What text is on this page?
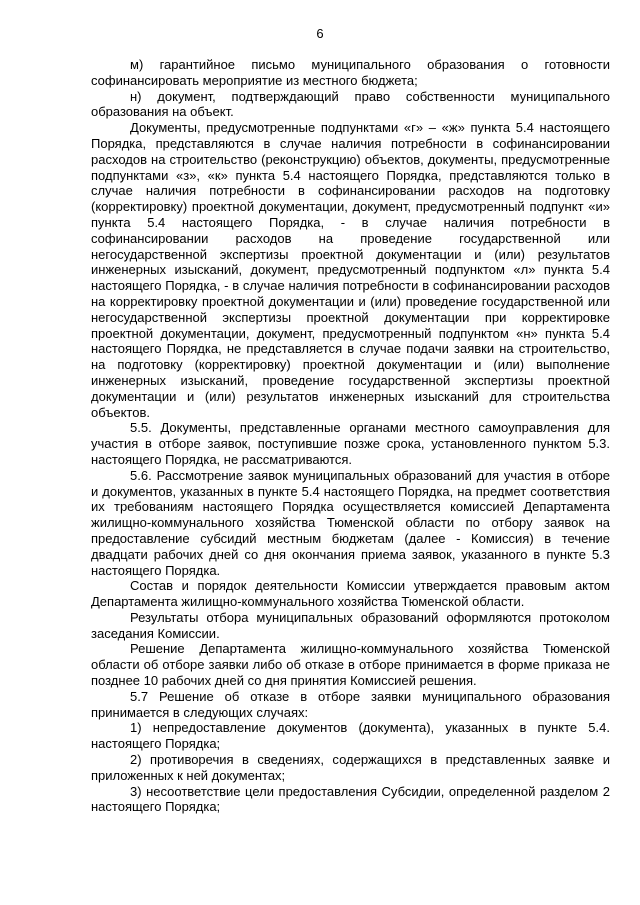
6

м) гарантийное письмо муниципального образования о готовности софинансировать мероприятие из местного бюджета;

н) документ, подтверждающий право собственности муниципального образования на объект.

Документы, предусмотренные подпунктами «г» – «ж» пункта 5.4 настоящего Порядка, представляются в случае наличия потребности в софинансировании расходов на строительство (реконструкцию) объектов, документы, предусмотренные подпунктами «з», «к» пункта 5.4 настоящего Порядка, представляются только в случае наличия потребности в софинансировании расходов на подготовку (корректировку) проектной документации, документ, предусмотренный подпункт «и» пункта 5.4 настоящего Порядка, - в случае наличия потребности в софинансировании расходов на проведение государственной или негосударственной экспертизы проектной документации и (или) результатов инженерных изысканий, документ, предусмотренный подпунктом «л» пункта 5.4 настоящего Порядка, - в случае наличия потребности в софинансировании расходов на корректировку проектной документации и (или) проведение государственной или негосударственной экспертизы проектной документации при корректировке проектной документации, документ, предусмотренный подпунктом «н» пункта 5.4 настоящего Порядка, не представляется в случае подачи заявки на строительство, на подготовку (корректировку) проектной документации и (или) выполнение инженерных изысканий, проведение государственной экспертизы проектной документации и (или) результатов инженерных изысканий для строительства объектов.

5.5. Документы, представленные органами местного самоуправления для участия в отборе заявок, поступившие позже срока, установленного пунктом 5.3. настоящего Порядка, не рассматриваются.

5.6. Рассмотрение заявок муниципальных образований для участия в отборе и документов, указанных в пункте 5.4 настоящего Порядка, на предмет соответствия их требованиям настоящего Порядка осуществляется комиссией Департамента жилищно-коммунального хозяйства Тюменской области по отбору заявок на предоставление субсидий местным бюджетам (далее - Комиссия) в течение двадцати рабочих дней со дня окончания приема заявок, указанного в пункте 5.3 настоящего Порядка.

Состав и порядок деятельности Комиссии утверждается правовым актом Департамента жилищно-коммунального хозяйства Тюменской области.

Результаты отбора муниципальных образований оформляются протоколом заседания Комиссии.

Решение Департамента жилищно-коммунального хозяйства Тюменской области об отборе заявки либо об отказе в отборе принимается в форме приказа не позднее 10 рабочих дней со дня принятия Комиссией решения.

5.7 Решение об отказе в отборе заявки муниципального образования принимается в следующих случаях:

1) непредоставление документов (документа), указанных в пункте 5.4. настоящего Порядка;

2) противоречия в сведениях, содержащихся в представленных заявке и приложенных к ней документах;

3) несоответствие цели предоставления Субсидии, определенной разделом 2 настоящего Порядка;
